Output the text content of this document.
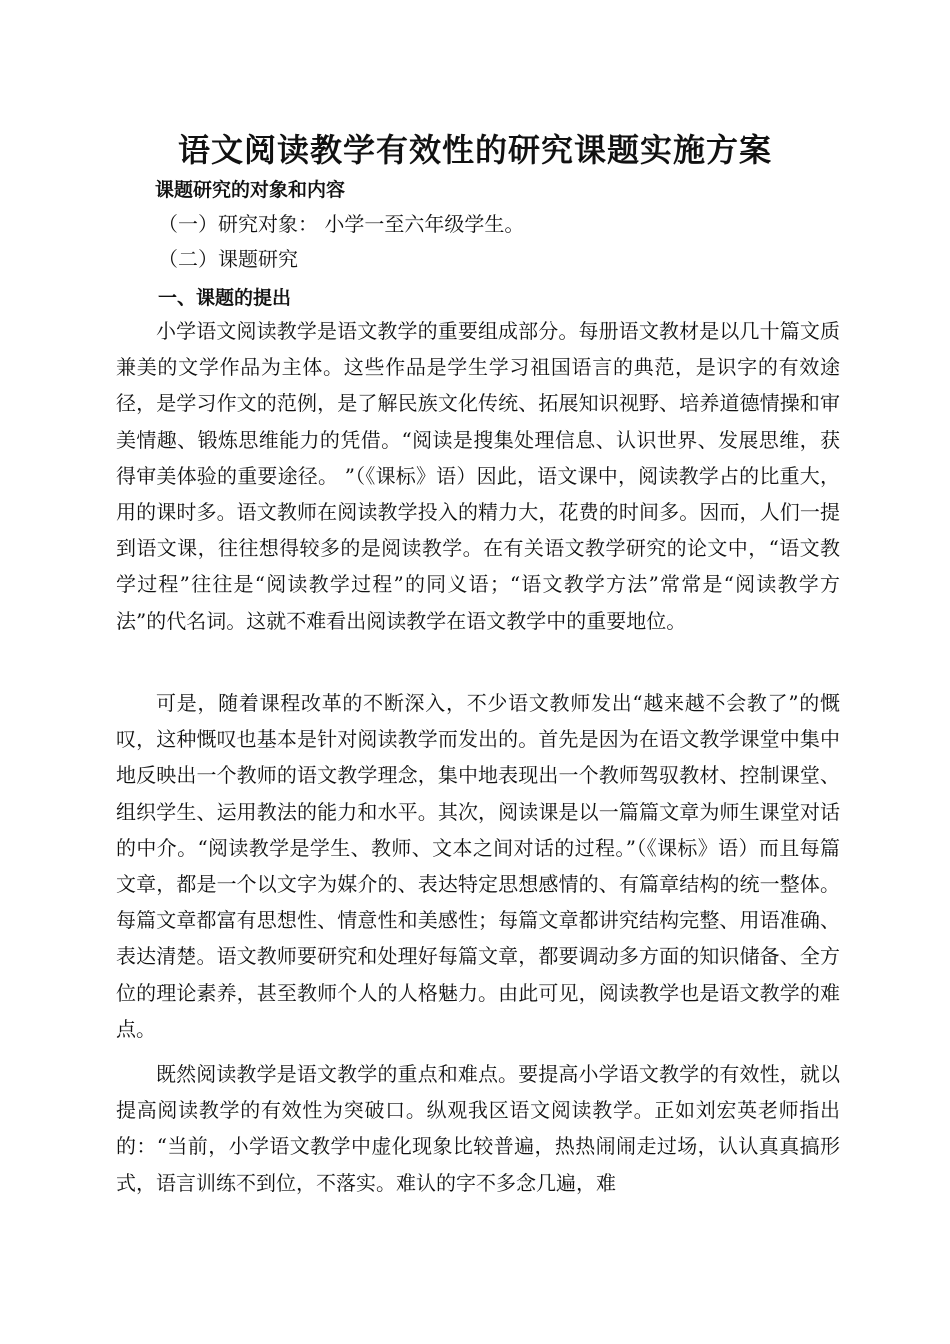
语文阅读教学有效性的研究课题实施方案

课题研究的对象和内容

（一）研究对象： 小学一至六年级学生。

（二）课题研究

一、课题的提出

小学语文阅读教学是语文教学的重要组成部分。每册语文教材是以几十篇文质兼美的文学作品为主体。这些作品是学生学习祖国语言的典范，是识字的有效途径，是学习作文的范例，是了解民族文化传统、拓展知识视野、培养道德情操和审美情趣、锻炼思维能力的凭借。“阅读是搜集处理信息、认识世界、发展思维，获得审美体验的重要途径。 ”（《课标》语）因此，语文课中，阅读教学占的比重大，用的课时多。语文教师在阅读教学投入的精力大，花费的时间多。因而，人们一提到语文课，往往想得较多的是阅读教学。在有关语文教学研究的论文中，“语文教学过程”往往是“阅读教学过程”的同义语；“语文教学方法”常常是“阅读教学方法”的代名词。这就不难看出阅读教学在语文教学中的重要地位。

可是，随着课程改革的不断深入，不少语文教师发出“越来越不会教了”的慨叹，这种慨叹也基本是针对阅读教学而发出的。首先是因为在语文教学课堂中集中地反映出一个教师的语文教学理念，集中地表现出一个教师驾驭教材、控制课堂、组织学生、运用教法的能力和水平。其次，阅读课是以一篇篇文章为师生课堂对话的中介。“阅读教学是学生、教师、文本之间对话的过程。”（《课标》语）而且每篇文章，都是一个以文字为媒介的、表达特定思想感情的、有篇章结构的统一整体。每篇文章都富有思想性、情意性和美感性；每篇文章都讲究结构完整、用语准确、表达清楚。语文教师要研究和处理好每篇文章，都要调动多方面的知识储备、全方位的理论素养，甚至教师个人的人格魅力。由此可见，阅读教学也是语文教学的难点。

既然阅读教学是语文教学的重点和难点。要提高小学语文教学的有效性，就以提高阅读教学的有效性为突破口。纵观我区语文阅读教学。正如刘宏英老师指出的：“当前，小学语文教学中虚化现象比较普遍，热热闹闹走过场，认认真真搞形式，语言训练不到位，不落实。难认的字不多念几遍，难
